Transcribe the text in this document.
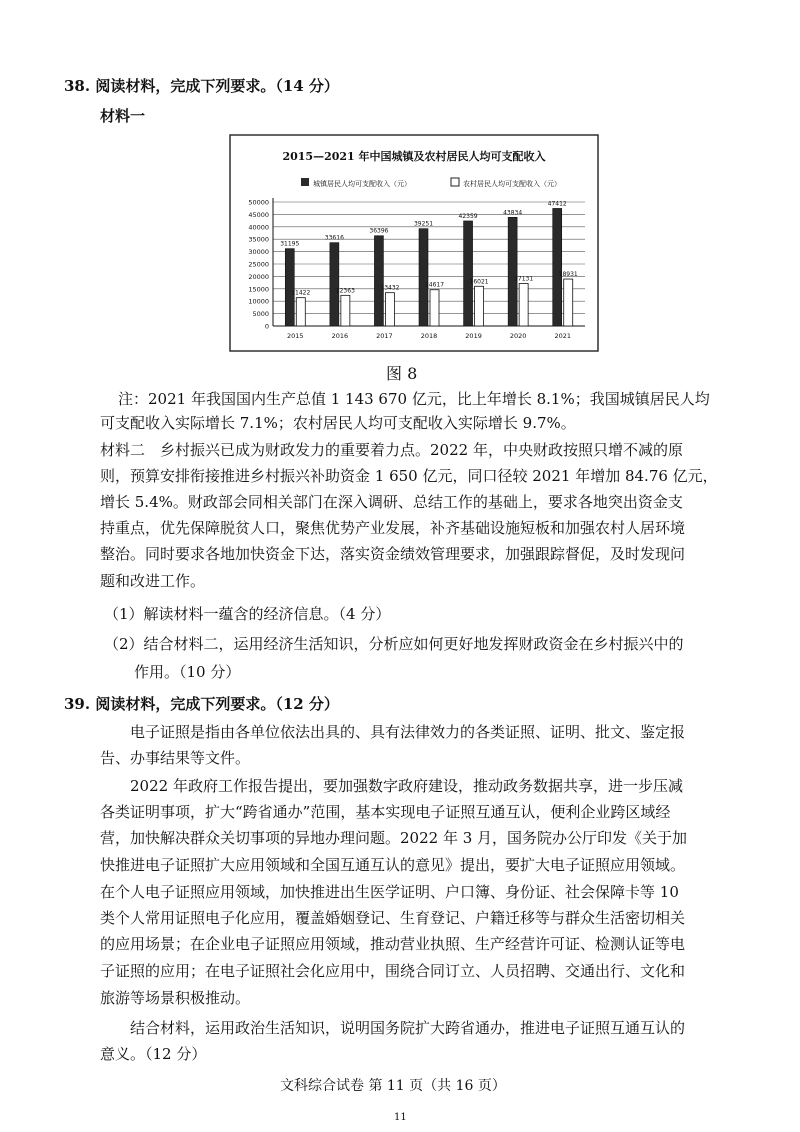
38. 阅读材料，完成下列要求。（14 分）
材料一
2015—2021 年中国城镇及农村居民人均可支配收入
城镇居民人均可支配收入（元）	农村居民人均可支配收入（元）
0
5000
10000
15000
20000
25000
30000
35000
40000
45000
50000
2015	2016	2017	2018	2019	2020	2021
31195
11422
33616
12363
36396
13432
39251
14617
42359
16021
43834
17131
47412
18931
图 8
注：2021 年我国国内生产总值 1 143 670 亿元，比上年增长 8.1%；我国城镇居民人均
可支配收入实际增长 7.1%；农村居民人均可支配收入实际增长 9.7%。
材料二　乡村振兴已成为财政发力的重要着力点。2022 年，中央财政按照只增不减的原
则，预算安排衔接推进乡村振兴补助资金 1 650 亿元，同口径较 2021 年增加 84.76 亿元，
增长 5.4%。财政部会同相关部门在深入调研、总结工作的基础上，要求各地突出资金支
持重点，优先保障脱贫人口，聚焦优势产业发展，补齐基础设施短板和加强农村人居环境
整治。同时要求各地加快资金下达，落实资金绩效管理要求，加强跟踪督促，及时发现问
题和改进工作。
（1）解读材料一蕴含的经济信息。（4 分）
（2）结合材料二，运用经济生活知识，分析应如何更好地发挥财政资金在乡村振兴中的
作用。（10 分）
39. 阅读材料，完成下列要求。（12 分）
电子证照是指由各单位依法出具的、具有法律效力的各类证照、证明、批文、鉴定报
告、办事结果等文件。
2022 年政府工作报告提出，要加强数字政府建设，推动政务数据共享，进一步压减
各类证明事项，扩大“跨省通办”范围，基本实现电子证照互通互认，便利企业跨区域经
营，加快解决群众关切事项的异地办理问题。2022 年 3 月，国务院办公厅印发《关于加
快推进电子证照扩大应用领域和全国互通互认的意见》提出，要扩大电子证照应用领域。
在个人电子证照应用领域，加快推进出生医学证明、户口簿、身份证、社会保障卡等 10
类个人常用证照电子化应用，覆盖婚姻登记、生育登记、户籍迁移等与群众生活密切相关
的应用场景；在企业电子证照应用领域，推动营业执照、生产经营许可证、检测认证等电
子证照的应用；在电子证照社会化应用中，围绕合同订立、人员招聘、交通出行、文化和
旅游等场景积极推动。
结合材料，运用政治生活知识，说明国务院扩大跨省通办，推进电子证照互通互认的
意义。（12 分）
文科综合试卷 第 11 页（共 16 页）
11
